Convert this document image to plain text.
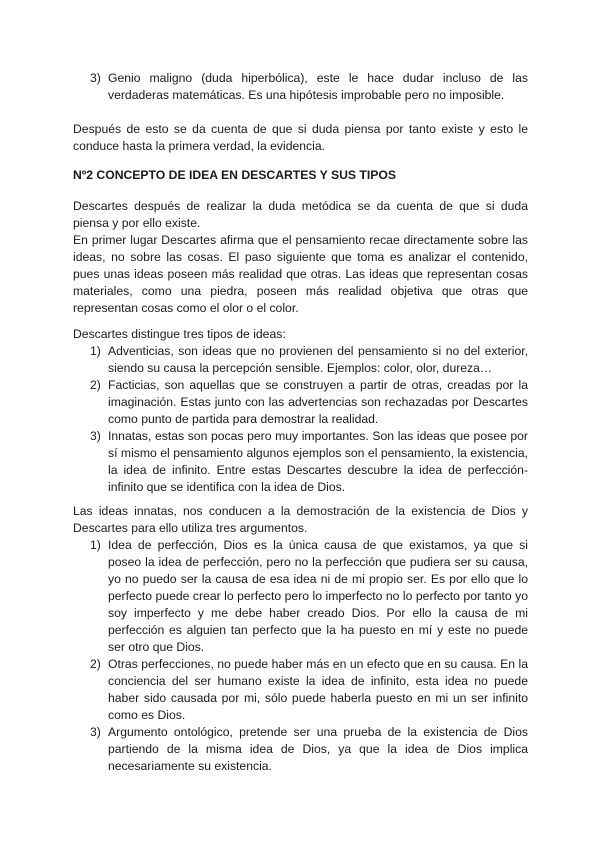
3) Genio maligno (duda hiperbólica), este le hace dudar incluso de las verdaderas matemáticas. Es una hipótesis improbable pero no imposible.

Después de esto se da cuenta de que si duda piensa por tanto existe y esto le conduce hasta la primera verdad, la evidencia.

Nº2 CONCEPTO DE IDEA EN DESCARTES Y SUS TIPOS

Descartes después de realizar la duda metódica se da cuenta de que si duda piensa y por ello existe.

En primer lugar Descartes afirma que el pensamiento recae directamente sobre las ideas, no sobre las cosas. El paso siguiente que toma es analizar el contenido, pues unas ideas poseen más realidad que otras. Las ideas que representan cosas materiales, como una piedra, poseen más realidad objetiva que otras que representan cosas como el olor o el color.

Descartes distingue tres tipos de ideas:

1) Adventicias, son ideas que no provienen del pensamiento si no del exterior, siendo su causa la percepción sensible. Ejemplos: color, olor, dureza…
2) Facticias, son aquellas que se construyen a partir de otras, creadas por la imaginación. Estas junto con las advertencias son rechazadas por Descartes como punto de partida para demostrar la realidad.
3) Innatas, estas son pocas pero muy importantes. Son las ideas que posee por sí mismo el pensamiento algunos ejemplos son el pensamiento, la existencia, la idea de infinito. Entre estas Descartes descubre la idea de perfección-infinito que se identifica con la idea de Dios.

Las ideas innatas, nos conducen a la demostración de la existencia de Dios y Descartes para ello utiliza tres argumentos.

1) Idea de perfección, Dios es la única causa de que existamos, ya que si poseo la idea de perfección, pero no la perfección que pudiera ser su causa, yo no puedo ser la causa de esa idea ni de mi propio ser. Es por ello que lo perfecto puede crear lo perfecto pero lo imperfecto no lo perfecto por tanto yo soy imperfecto y me debe haber creado Dios. Por ello la causa de mi perfección es alguien tan perfecto que la ha puesto en mí y este no puede ser otro que Dios.
2) Otras perfecciones, no puede haber más en un efecto que en su causa. En la conciencia del ser humano existe la idea de infinito, esta idea no puede haber sido causada por mi, sólo puede haberla puesto en mi un ser infinito como es Dios.
3) Argumento ontológico, pretende ser una prueba de la existencia de Dios partiendo de la misma idea de Dios, ya que la idea de Dios implica necesariamente su existencia.
